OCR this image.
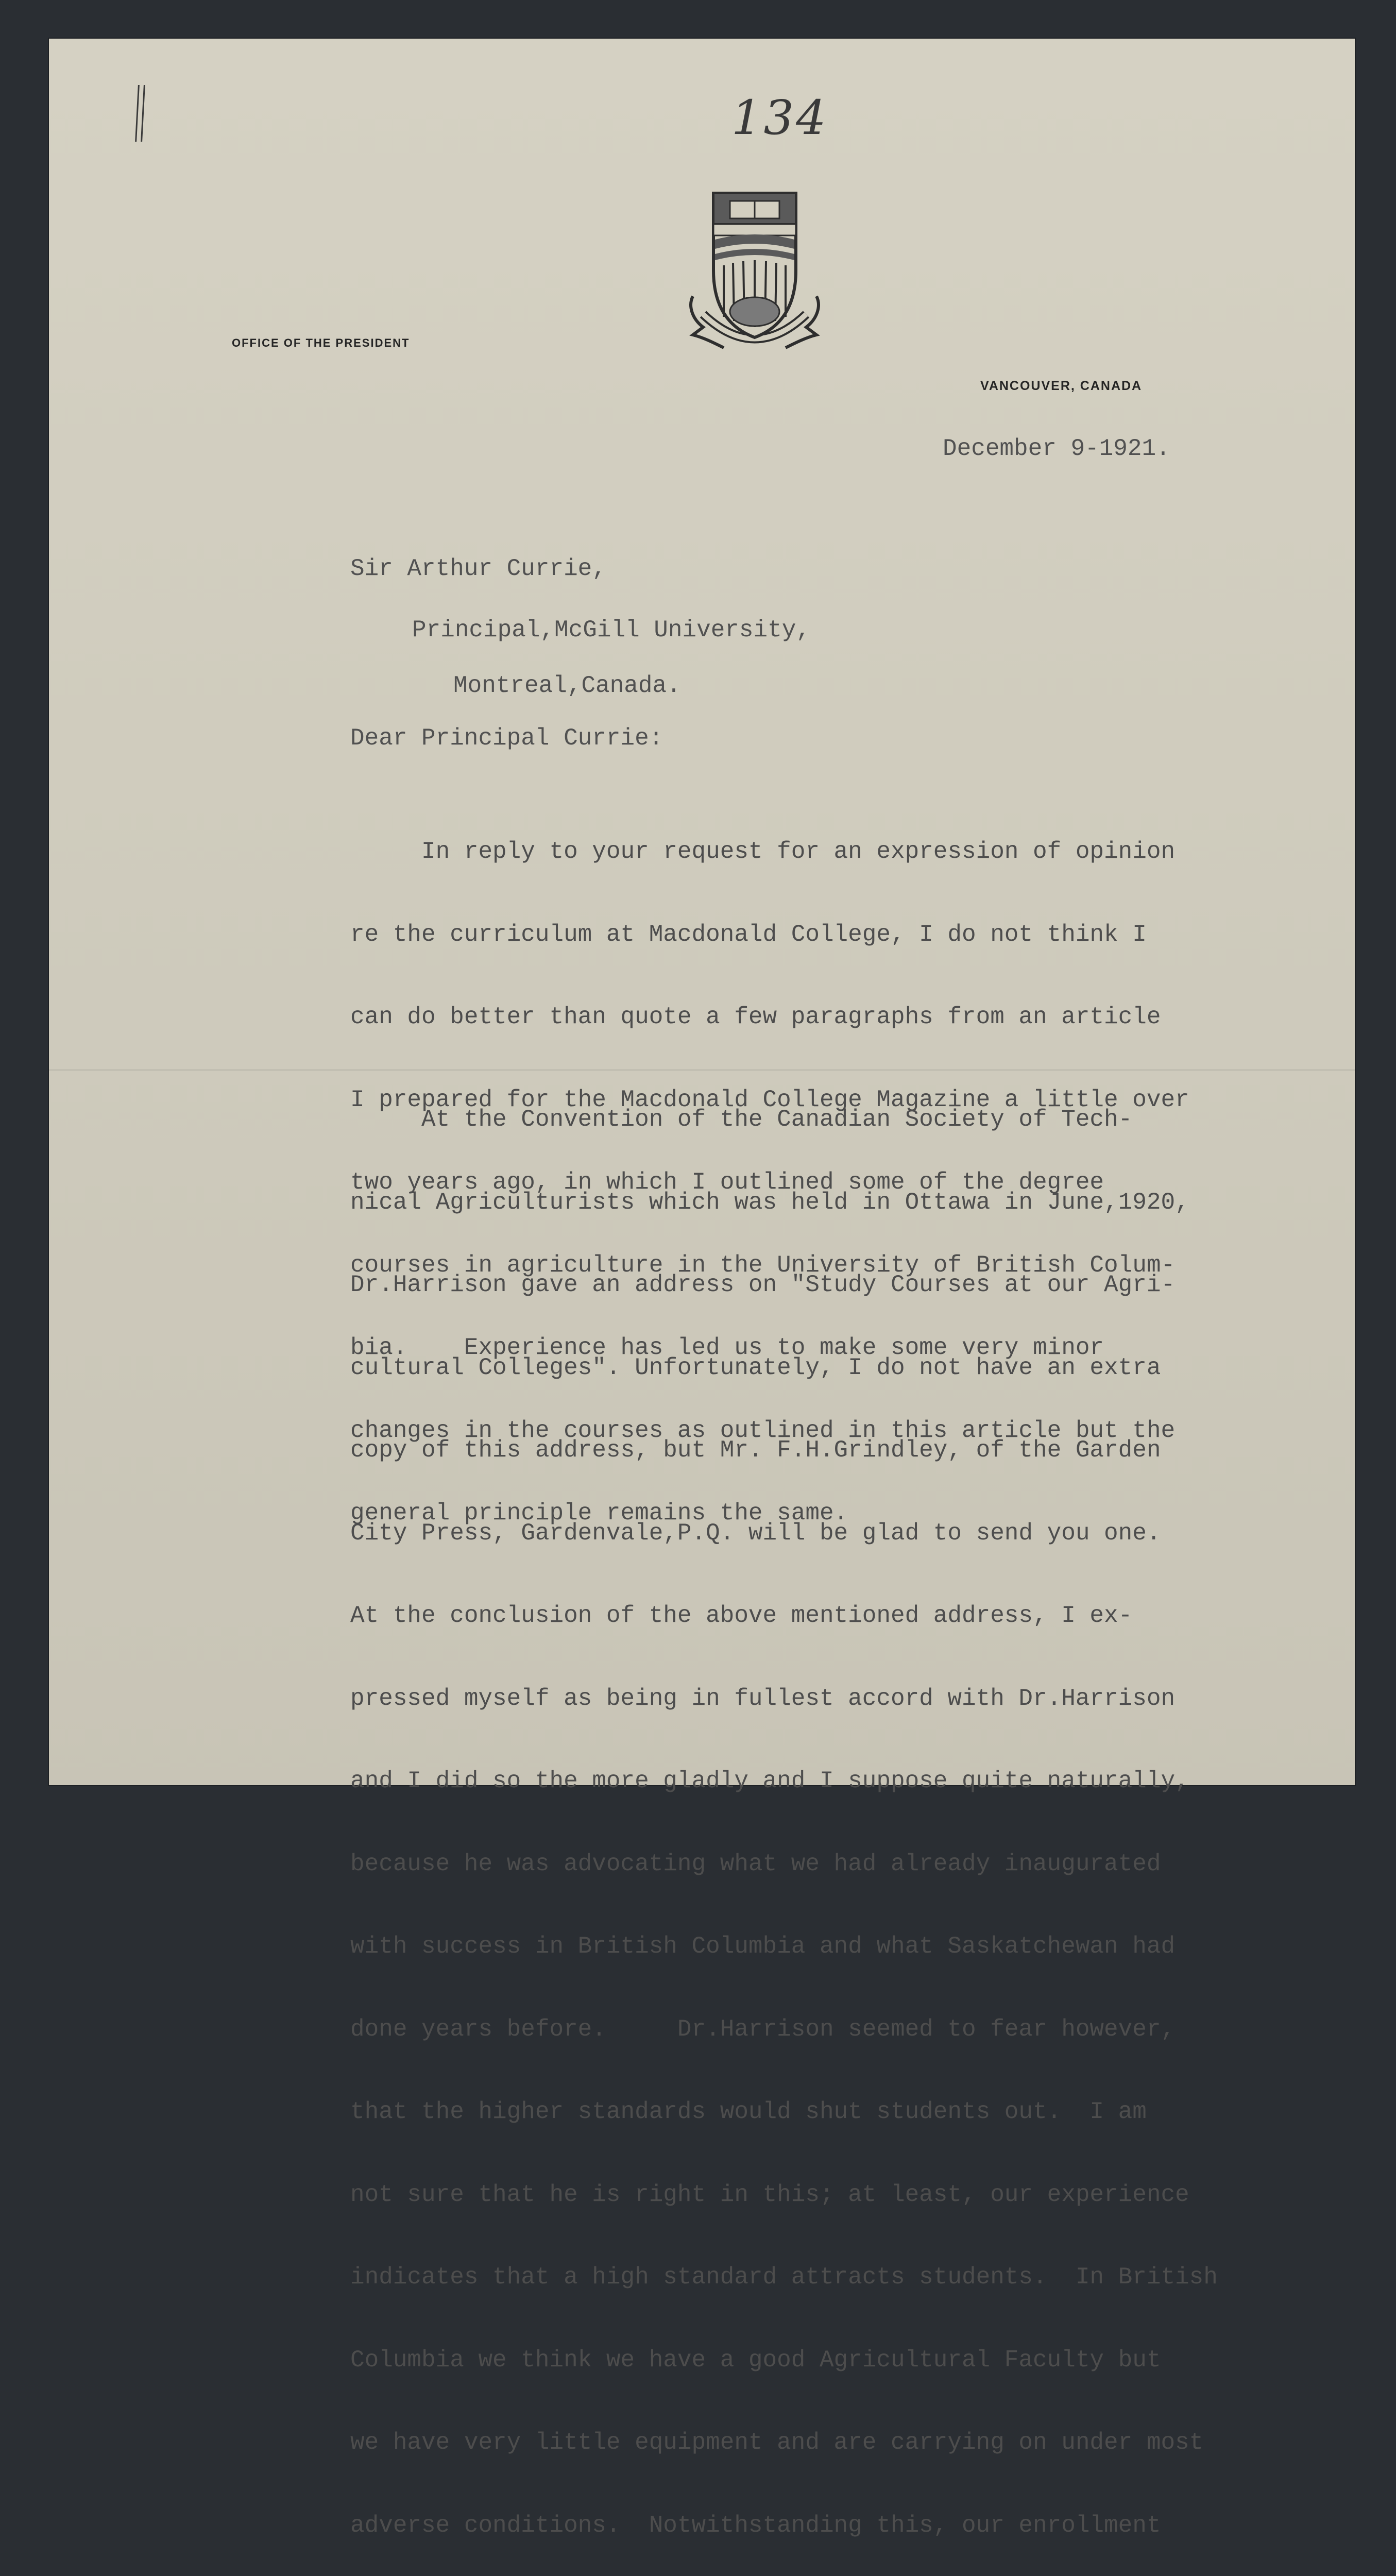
134
OFFICE OF THE PRESIDENT
VANCOUVER, CANADA
December 9-1921.
Sir Arthur Currie,
Principal,McGill University,
Montreal,Canada.
Dear Principal Currie:

In reply to your request for an expression of opinion

re the curriculum at Macdonald College, I do not think I

can do better than quote a few paragraphs from an article

I prepared for the Macdonald College Magazine a little over

two years ago, in which I outlined some of the degree

courses in agriculture in the University of British Colum-

bia.    Experience has led us to make some very minor

changes in the courses as outlined in this article but the

general principle remains the same.

At the Convention of the Canadian Society of Tech-

nical Agriculturists which was held in Ottawa in June,1920,

Dr.Harrison gave an address on "Study Courses at our Agri-

cultural Colleges". Unfortunately, I do not have an extra

copy of this address, but Mr. F.H.Grindley, of the Garden

City Press, Gardenvale,P.Q. will be glad to send you one.

At the conclusion of the above mentioned address, I ex-

pressed myself as being in fullest accord with Dr.Harrison

and I did so the more gladly and I suppose quite naturally,

because he was advocating what we had already inaugurated

with success in British Columbia and what Saskatchewan had

done years before.     Dr.Harrison seemed to fear however,

that the higher standards would shut students out.  I am

not sure that he is right in this; at least, our experience

indicates that a high standard attracts students.  In British

Columbia we think we have a good Agricultural Faculty but

we have very little equipment and are carrying on under most

adverse conditions.  Notwithstanding this, our enrollment
